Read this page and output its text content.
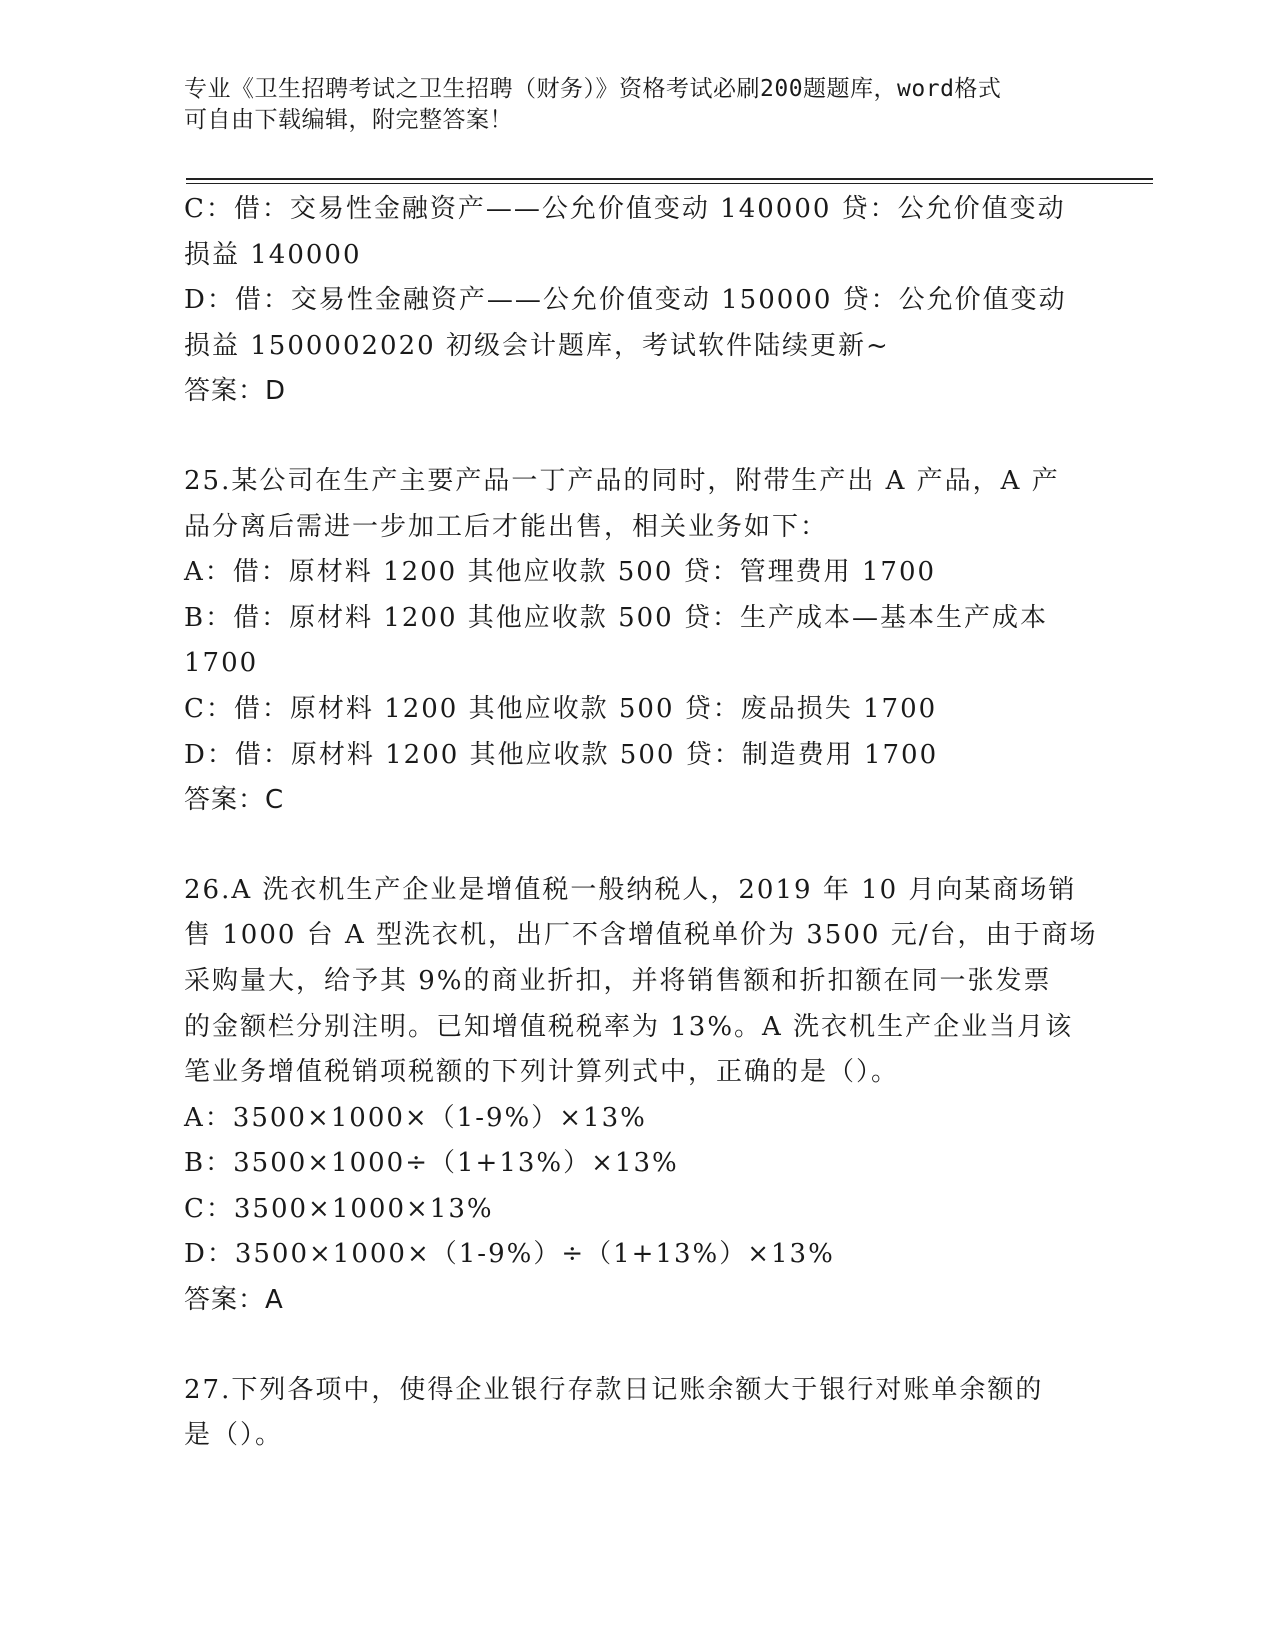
专业《卫生招聘考试之卫生招聘（财务）》资格考试必刷200题题库，word格式
可自由下载编辑，附完整答案！
C：借：交易性金融资产——公允价值变动 140000 贷：公允价值变动
损益 140000
D：借：交易性金融资产——公允价值变动 150000 贷：公允价值变动
损益 1500002020 初级会计题库，考试软件陆续更新~
答案：D
25.某公司在生产主要产品一丁产品的同时，附带生产出 A 产品，A 产
品分离后需进一步加工后才能出售，相关业务如下：
A：借：原材料 1200 其他应收款 500 贷：管理费用 1700
B：借：原材料 1200 其他应收款 500 贷：生产成本—基本生产成本
1700
C：借：原材料 1200 其他应收款 500 贷：废品损失 1700
D：借：原材料 1200 其他应收款 500 贷：制造费用 1700
答案：C
26.A 洗衣机生产企业是增值税一般纳税人，2019 年 10 月向某商场销
售 1000 台 A 型洗衣机，出厂不含增值税单价为 3500 元/台，由于商场
采购量大，给予其 9%的商业折扣，并将销售额和折扣额在同一张发票
的金额栏分别注明。已知增值税税率为 13%。A 洗衣机生产企业当月该
笔业务增值税销项税额的下列计算列式中，正确的是（）。
A：3500×1000×（1-9%）×13%
B：3500×1000÷（1+13%）×13%
C：3500×1000×13%
D：3500×1000×（1-9%）÷（1+13%）×13%
答案：A
27.下列各项中，使得企业银行存款日记账余额大于银行对账单余额的
是（）。
